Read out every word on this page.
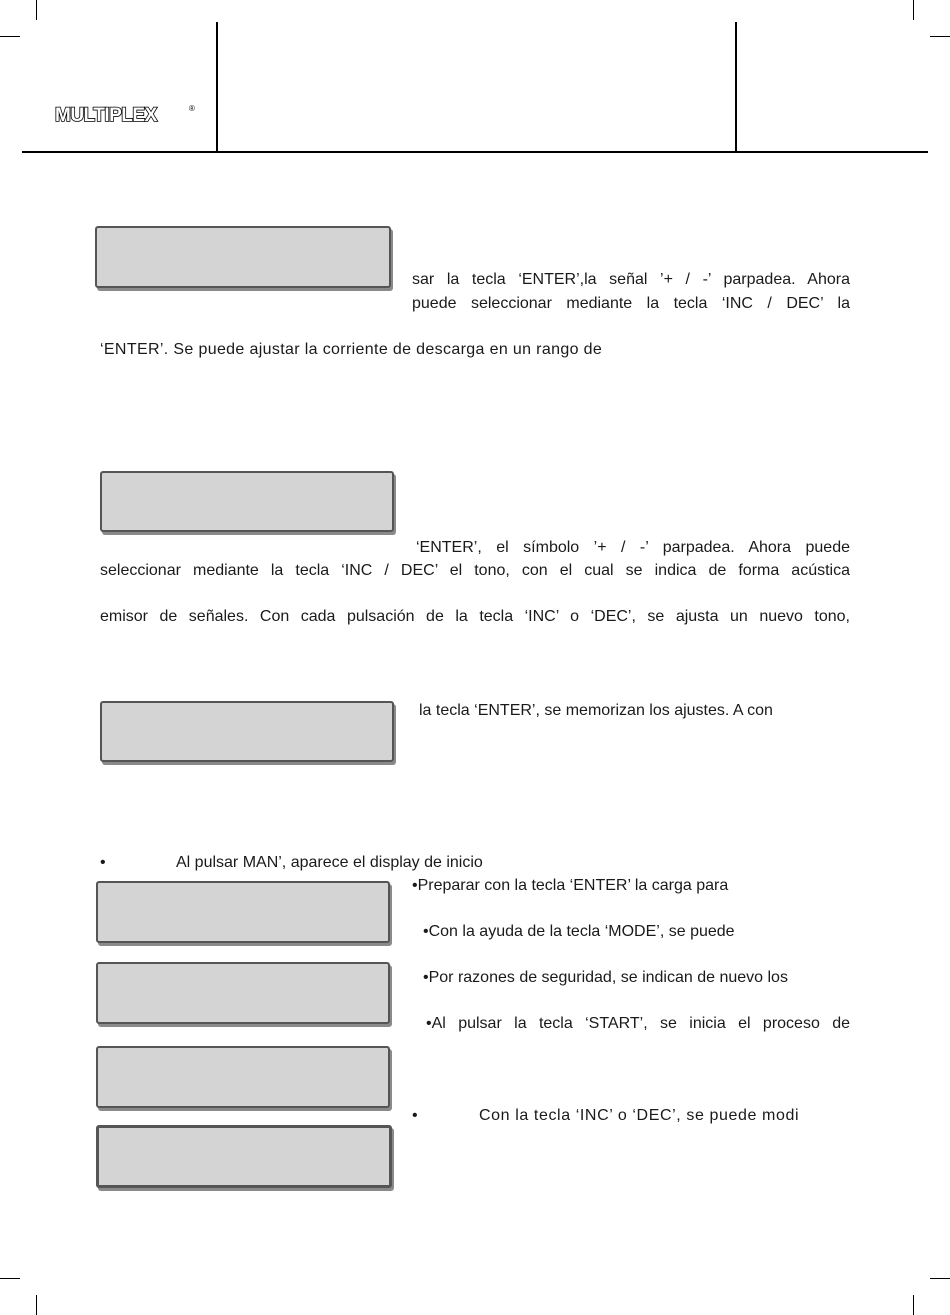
MULTIPLEX	®

sar la tecla ‘ENTER’,la señal ’+ / -’ parpadea. Ahora
puede seleccionar mediante la tecla ‘INC / DEC’ la
‘ENTER’. Se puede ajustar la corriente de descarga en un rango de

‘ENTER’, el símbolo ’+ / -’ parpadea. Ahora puede
seleccionar mediante la tecla ‘INC / DEC’ el tono, con el cual se indica de forma acústica
emisor de señales. Con cada pulsación de la tecla ‘INC’ o ‘DEC’, se ajusta un nuevo tono,

la tecla ‘ENTER’, se memorizan los ajustes. A con
•	Al pulsar MAN’, aparece el display de inicio

•Preparar con la tecla ‘ENTER’ la carga para
•Con la ayuda de la tecla ‘MODE’, se puede
•Por razones de seguridad, se indican de nuevo los
•Al pulsar la tecla ‘START’, se inicia el proceso de

•	Con la tecla ‘INC’ o ‘DEC’, se puede modi
